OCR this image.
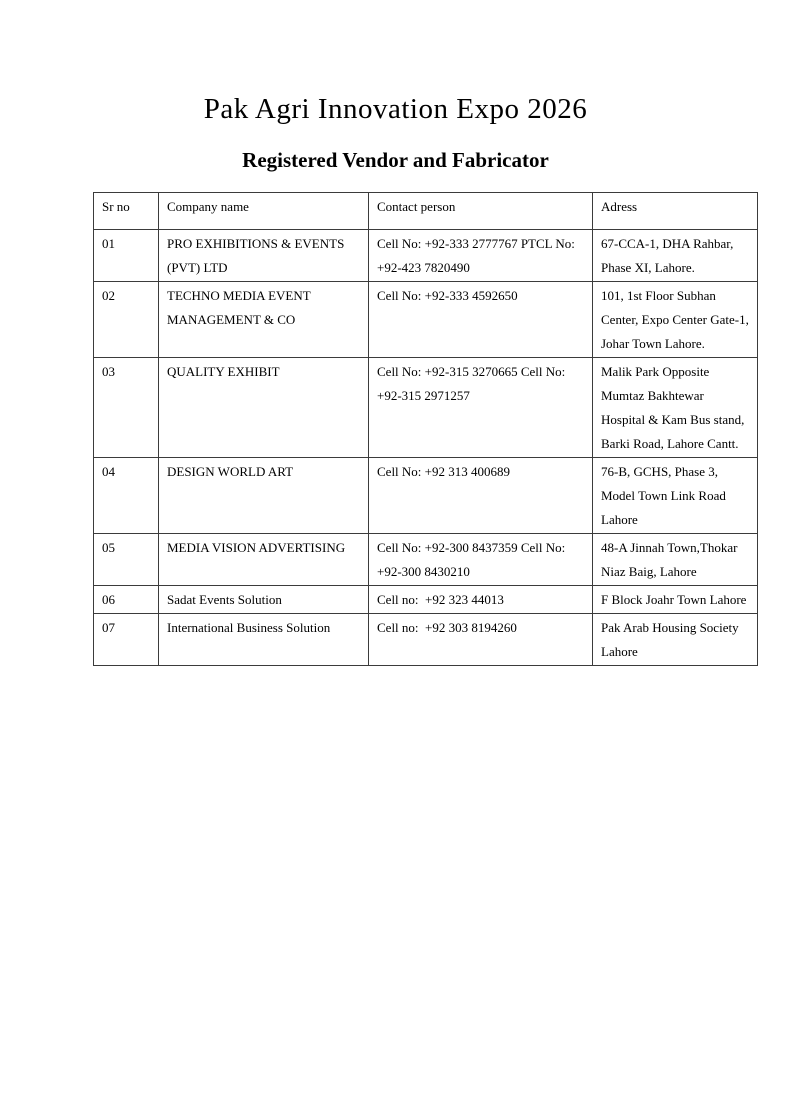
Pak Agri Innovation Expo 2026
Registered Vendor and Fabricator
Sr no	Company name	Contact person	Adress
01	PRO EXHIBITIONS & EVENTS (PVT) LTD	Cell No: +92-333 2777767 PTCL No: +92-423 7820490	67-CCA-1, DHA Rahbar, Phase XI, Lahore.
02	TECHNO MEDIA EVENT MANAGEMENT & CO	Cell No: +92-333 4592650	101, 1st Floor Subhan Center, Expo Center Gate-1, Johar Town Lahore.
03	QUALITY EXHIBIT	Cell No: +92-315 3270665 Cell No: +92-315 2971257	Malik Park Opposite Mumtaz Bakhtewar Hospital & Kam Bus stand, Barki Road, Lahore Cantt.
04	DESIGN WORLD ART	Cell No: +92 313 400689	76-B, GCHS, Phase 3, Model Town Link Road Lahore
05	MEDIA VISION ADVERTISING	Cell No: +92-300 8437359 Cell No: +92-300 8430210	48-A Jinnah Town,Thokar Niaz Baig, Lahore
06	Sadat Events Solution	Cell no:  +92 323 44013	F Block Joahr Town Lahore
07	International Business Solution	Cell no:  +92 303 8194260	Pak Arab Housing Society Lahore
